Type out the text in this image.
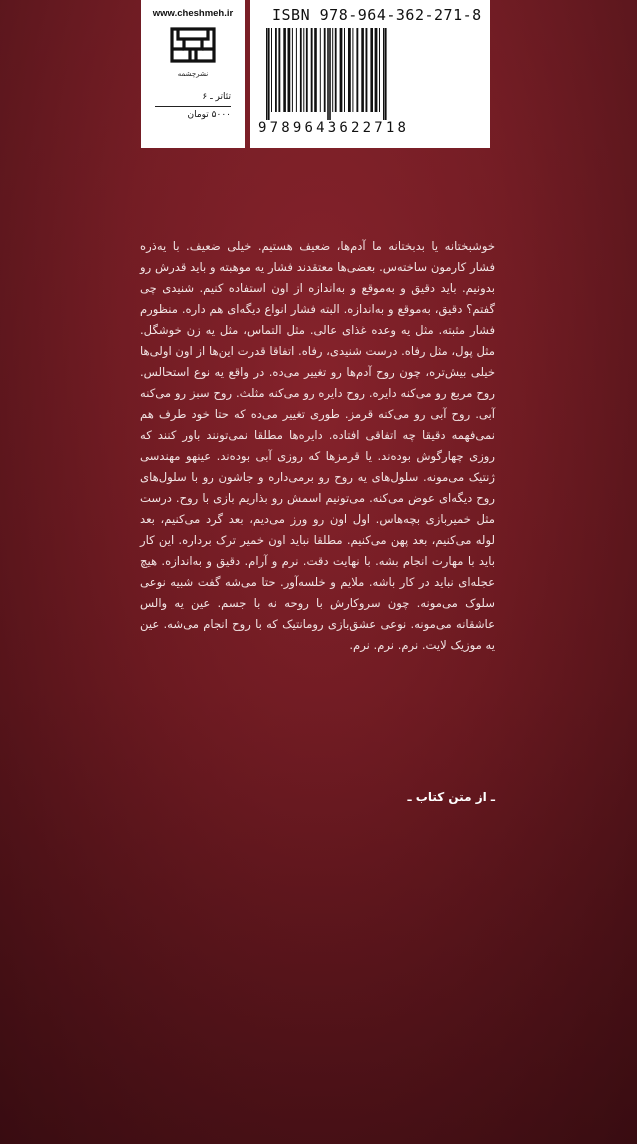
www.cheshmeh.ir
نشرچشمه
تئاتر ـ ۶
۵۰۰۰ تومان
ISBN 978-964-362-271-8
9789643622718
خوشبختانه یا بدبختانه ما آدم‌ها، ضعیف هستیم. خیلی ضعیف. با یه‌ذره فشار کارمون ساخته‌س. بعضی‌ها معتقدند فشار یه موهبته و باید قدرش رو بدونیم. باید دقیق و به‌موقع و به‌اندازه از اون استفاده کنیم. شنیدی چی گفتم؟ دقیق، به‌موقع و به‌اندازه. البته فشار انواع دیگه‌ای هم داره. منظورم فشار مثبته. مثل یه وعده غذای عالی. مثل التماس، مثل یه زن خوشگل. مثل پول، مثل رفاه. درست شنیدی، رفاه. اتفاقا قدرت این‌ها از اون اولی‌ها خیلی بیش‌تره، چون روح آدم‌ها رو تغییر می‌ده. در واقع یه نوع استحالس. روح مربع رو می‌کنه دایره. روح دایره رو می‌کنه مثلث. روح سبز رو می‌کنه آبی. روح آبی رو می‌کنه قرمز. طوری تغییر می‌ده که حتا خود طرف هم نمی‌فهمه دقیقا چه اتفاقی افتاده. دایره‌ها مطلقا نمی‌تونند باور کنند که روزی چهارگوش بوده‌ند. یا قرمزها که روزی آبی بوده‌ند. عینهو مهندسی ژنتیک می‌مونه. سلول‌های یه روح رو برمی‌داره و جاشون رو با سلول‌های روح دیگه‌ای عوض می‌کنه. می‌تونیم اسمش رو بذاریم بازی با روح. درست مثل خمیربازی بچه‌هاس. اول اون رو ورز می‌دیم، بعد گرد می‌کنیم، بعد لوله می‌کنیم، بعد پهن می‌کنیم. مطلقا نباید اون خمیر ترک برداره. این کار باید با مهارت انجام بشه. با نهایت دقت. نرم و آرام. دقیق و به‌اندازه. هیچ عجله‌ای نباید در کار باشه. ملایم و خلسه‌آور. حتا می‌شه گفت شبیه نوعی سلوک می‌مونه. چون سروکارش با روحه نه با جسم. عین یه والس عاشقانه می‌مونه. نوعی عشق‌بازی رومانتیک که با روح انجام می‌شه. عین یه موزیک لایت. نرم. نرم. نرم.
ـ از متن کتاب ـ
